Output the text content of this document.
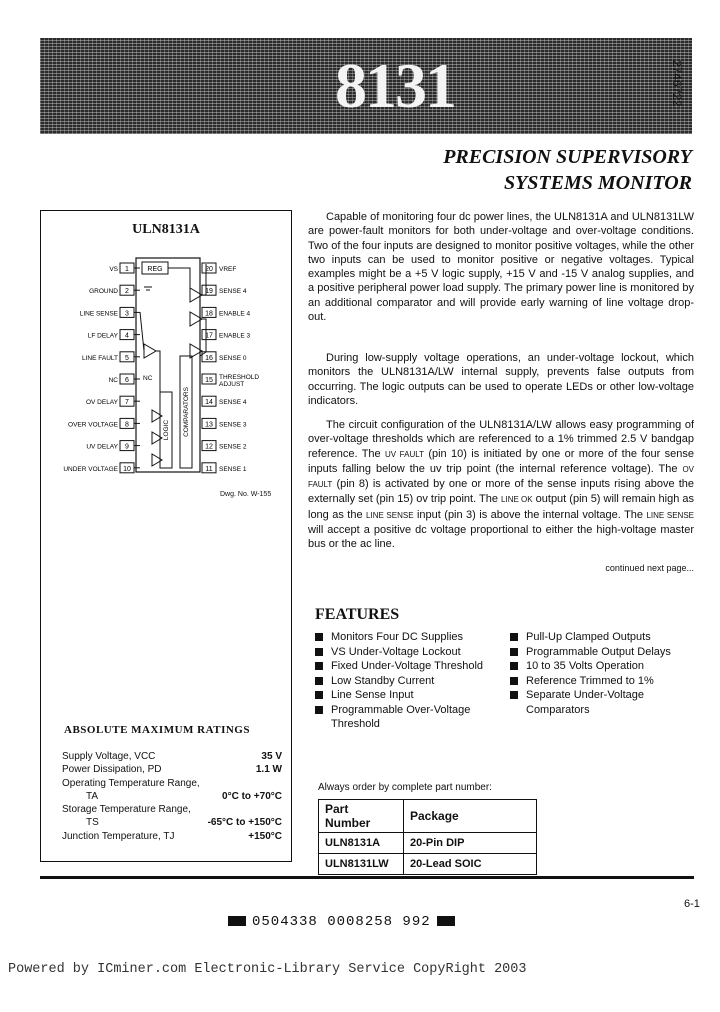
8131	2746722
PRECISION SUPERVISORY
SYSTEMS MONITOR
ULN8131A
1
VS
2
GROUND
3
LINE SENSE
4
LF DELAY
5
LINE FAULT
6
NC
7
OV DELAY
8
OVER VOLTAGE
9
UV DELAY
10
UNDER VOLTAGE
20 VREF
19 SENSE 4
18 ENABLE 4
17 ENABLE 3
16 SENSE 0
15 THRESHOLD ADJUST
14 SENSE 4
13 SENSE 3
12 SENSE 2
11 SENSE 1
REG
NC
LOGIC COMPARATORS
Dwg. No. W-155
ABSOLUTE MAXIMUM RATINGS
Supply Voltage, VCC	35 V
Power Dissipation, PD	1.1 W
Operating Temperature Range,
TA	0°C to +70°C
Storage Temperature Range,
TS	-65°C to +150°C
Junction Temperature, TJ	+150°C

Capable of monitoring four dc power lines, the ULN8131A and ULN8131LW are power-fault monitors for both under-voltage and over-voltage conditions. Two of the four inputs are designed to monitor positive voltages, while the other two inputs can be used to monitor positive or negative voltages. Typical examples might be a +5 V logic supply, +15 V and -15 V analog supplies, and a positive peripheral power load supply. The primary power line is monitored by an additional comparator and will provide early warning of line voltage drop-out.

During low-supply voltage operations, an under-voltage lockout, which monitors the ULN8131A/LW internal supply, prevents false outputs from occurring. The logic outputs can be used to operate LEDs or other low-voltage indicators.

The circuit configuration of the ULN8131A/LW allows easy programming of over-voltage thresholds which are referenced to a 1% trimmed 2.5 V bandgap reference. The UV FAULT (pin 10) is initiated by one or more of the four sense inputs falling below the uv trip point (the internal reference voltage). The OV FAULT (pin 8) is activated by one or more of the sense inputs rising above the externally set (pin 15) ov trip point. The LINE OK output (pin 5) will remain high as long as the LINE SENSE input (pin 3) is above the internal voltage. The LINE SENSE will accept a positive dc voltage proportional to either the high-voltage master bus or the ac line.

continued next page...
FEATURES
Monitors Four DC Supplies
VS Under-Voltage Lockout
Fixed Under-Voltage Threshold
Low Standby Current
Line Sense Input
Programmable Over-Voltage Threshold
Pull-Up Clamped Outputs
Programmable Output Delays
10 to 35 Volts Operation
Reference Trimmed to 1%
Separate Under-Voltage Comparators
Always order by complete part number:
Part Number	Package
ULN8131A	20-Pin DIP
ULN8131LW	20-Lead SOIC
6-1
0504338 0008258 992
Powered by ICminer.com Electronic-Library Service CopyRight 2003
